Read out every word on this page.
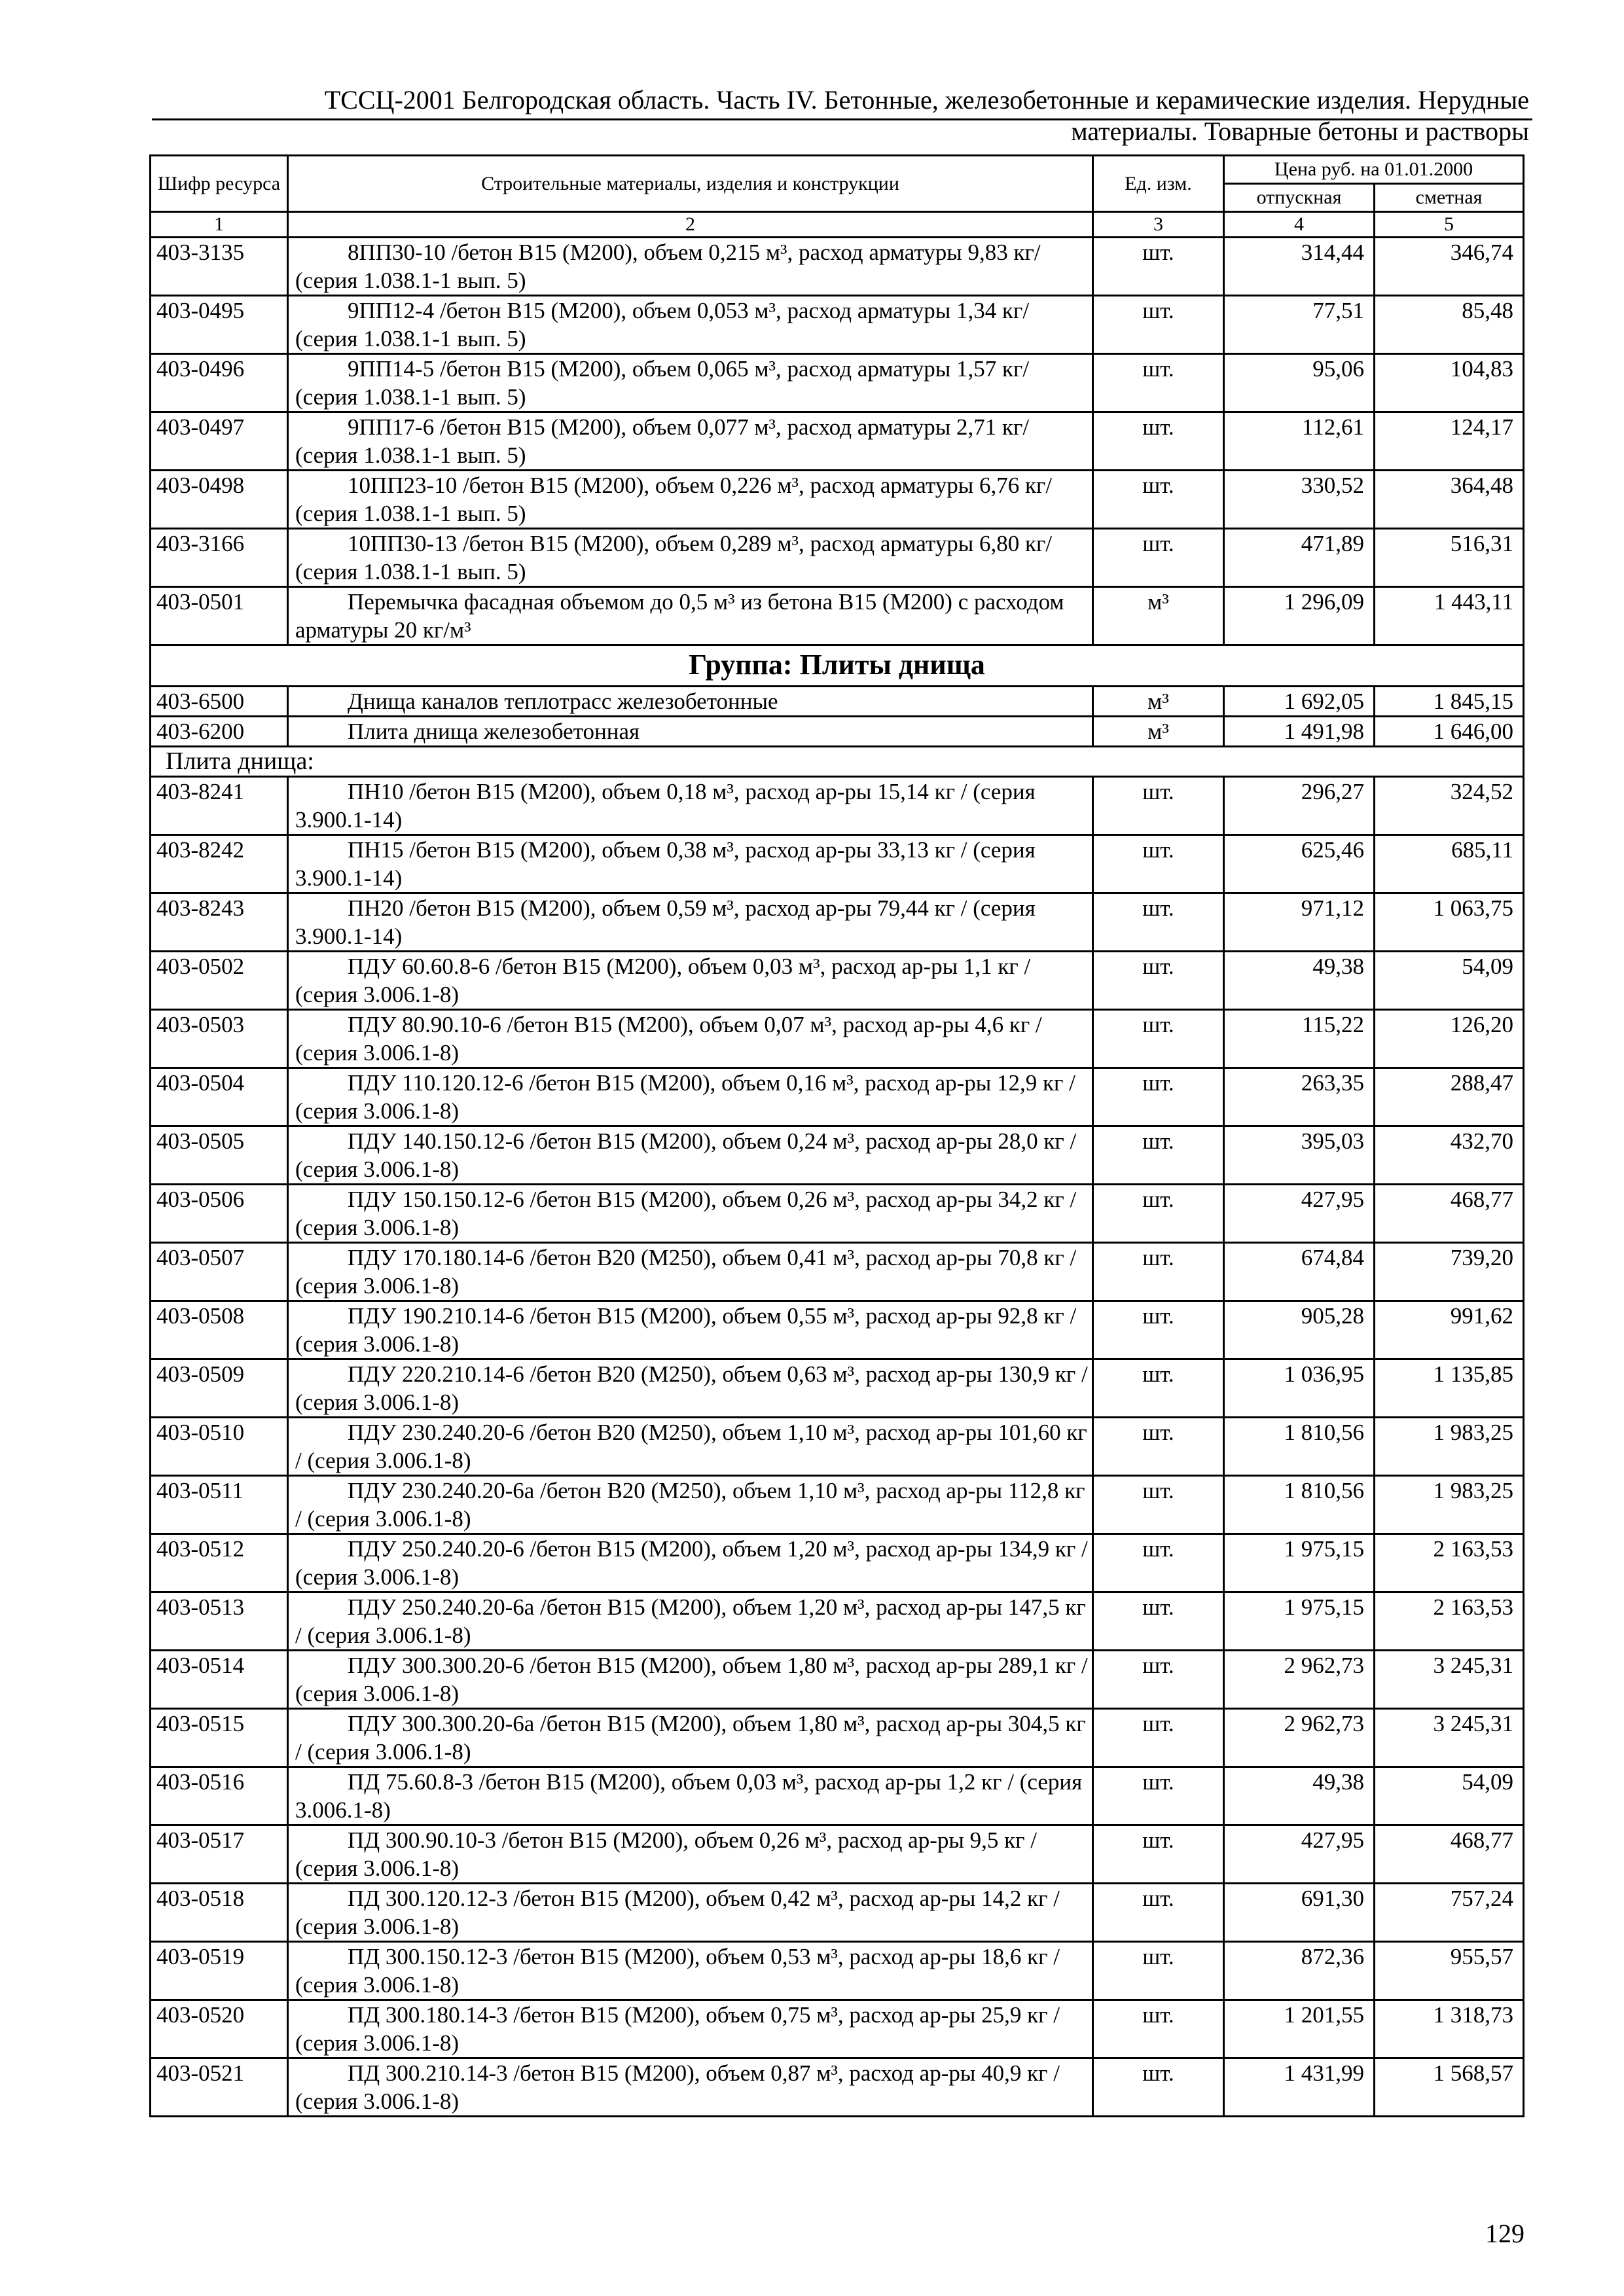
ТССЦ-2001 Белгородская область. Часть IV. Бетонные, железобетонные и керамические изделия. Нерудные
материалы. Товарные бетоны и растворы
Шифр ресурса	Строительные материалы, изделия и конструкции	Ед. изм.	Цена руб. на 01.01.2000	
			отпускная	сметная
1	2	3	4	5
403-3135	8ПП30-10 /бетон В15 (М200), объем 0,215 м³, расход арматуры 9,83 кг/ (серия 1.038.1-1 вып. 5)	шт.	314,44	346,74
403-0495	9ПП12-4 /бетон В15 (М200), объем 0,053 м³, расход арматуры 1,34 кг/ (серия 1.038.1-1 вып. 5)	шт.	77,51	85,48
403-0496	9ПП14-5 /бетон В15 (М200), объем 0,065 м³, расход арматуры 1,57 кг/ (серия 1.038.1-1 вып. 5)	шт.	95,06	104,83
403-0497	9ПП17-6 /бетон В15 (М200), объем 0,077 м³, расход арматуры 2,71 кг/ (серия 1.038.1-1 вып. 5)	шт.	112,61	124,17
403-0498	10ПП23-10 /бетон В15 (М200), объем 0,226 м³, расход арматуры 6,76 кг/ (серия 1.038.1-1 вып. 5)	шт.	330,52	364,48
403-3166	10ПП30-13 /бетон В15 (М200), объем 0,289 м³, расход арматуры 6,80 кг/ (серия 1.038.1-1 вып. 5)	шт.	471,89	516,31
403-0501	Перемычка фасадная объемом до 0,5 м³ из бетона В15 (М200) с расходом арматуры 20 кг/м³	м³	1 296,09	1 443,11
Группа: Плиты днища				
403-6500	Днища каналов теплотрасс железобетонные	м³	1 692,05	1 845,15
403-6200	Плита днища железобетонная	м³	1 491,98	1 646,00
Плита днища:				
403-8241	ПН10 /бетон В15 (М200), объем 0,18 м³, расход ар-ры 15,14 кг / (серия 3.900.1-14)	шт.	296,27	324,52
403-8242	ПН15 /бетон В15 (М200), объем 0,38 м³, расход ар-ры 33,13 кг / (серия 3.900.1-14)	шт.	625,46	685,11
403-8243	ПН20 /бетон В15 (М200), объем 0,59 м³, расход ар-ры 79,44 кг / (серия 3.900.1-14)	шт.	971,12	1 063,75
403-0502	ПДУ 60.60.8-6 /бетон В15 (М200), объем 0,03 м³, расход ар-ры 1,1 кг / (серия 3.006.1-8)	шт.	49,38	54,09
403-0503	ПДУ 80.90.10-6 /бетон В15 (М200), объем 0,07 м³, расход ар-ры 4,6 кг / (серия 3.006.1-8)	шт.	115,22	126,20
403-0504	ПДУ 110.120.12-6 /бетон В15 (М200), объем 0,16 м³, расход ар-ры 12,9 кг / (серия 3.006.1-8)	шт.	263,35	288,47
403-0505	ПДУ 140.150.12-6 /бетон В15 (М200), объем 0,24 м³, расход ар-ры 28,0 кг / (серия 3.006.1-8)	шт.	395,03	432,70
403-0506	ПДУ 150.150.12-6 /бетон В15 (М200), объем 0,26 м³, расход ар-ры 34,2 кг / (серия 3.006.1-8)	шт.	427,95	468,77
403-0507	ПДУ 170.180.14-6 /бетон В20 (М250), объем 0,41 м³, расход ар-ры 70,8 кг / (серия 3.006.1-8)	шт.	674,84	739,20
403-0508	ПДУ 190.210.14-6 /бетон В15 (М200), объем 0,55 м³, расход ар-ры 92,8 кг / (серия 3.006.1-8)	шт.	905,28	991,62
403-0509	ПДУ 220.210.14-6 /бетон В20 (М250), объем 0,63 м³, расход ар-ры 130,9 кг / (серия 3.006.1-8)	шт.	1 036,95	1 135,85
403-0510	ПДУ 230.240.20-6 /бетон В20 (М250), объем 1,10 м³, расход ар-ры 101,60 кг / (серия 3.006.1-8)	шт.	1 810,56	1 983,25
403-0511	ПДУ 230.240.20-6а /бетон В20 (М250), объем 1,10 м³, расход ар-ры 112,8 кг / (серия 3.006.1-8)	шт.	1 810,56	1 983,25
403-0512	ПДУ 250.240.20-6 /бетон В15 (М200), объем 1,20 м³, расход ар-ры 134,9 кг / (серия 3.006.1-8)	шт.	1 975,15	2 163,53
403-0513	ПДУ 250.240.20-6а /бетон В15 (М200), объем 1,20 м³, расход ар-ры 147,5 кг / (серия 3.006.1-8)	шт.	1 975,15	2 163,53
403-0514	ПДУ 300.300.20-6 /бетон В15 (М200), объем 1,80 м³, расход ар-ры 289,1 кг / (серия 3.006.1-8)	шт.	2 962,73	3 245,31
403-0515	ПДУ 300.300.20-6а /бетон В15 (М200), объем 1,80 м³, расход ар-ры 304,5 кг / (серия 3.006.1-8)	шт.	2 962,73	3 245,31
403-0516	ПД 75.60.8-3 /бетон В15 (М200), объем 0,03 м³, расход ар-ры 1,2 кг / (серия 3.006.1-8)	шт.	49,38	54,09
403-0517	ПД 300.90.10-3 /бетон В15 (М200), объем 0,26 м³, расход ар-ры 9,5 кг / (серия 3.006.1-8)	шт.	427,95	468,77
403-0518	ПД 300.120.12-3 /бетон В15 (М200), объем 0,42 м³, расход ар-ры 14,2 кг / (серия 3.006.1-8)	шт.	691,30	757,24
403-0519	ПД 300.150.12-3 /бетон В15 (М200), объем 0,53 м³, расход ар-ры 18,6 кг / (серия 3.006.1-8)	шт.	872,36	955,57
403-0520	ПД 300.180.14-3 /бетон В15 (М200), объем 0,75 м³, расход ар-ры 25,9 кг / (серия 3.006.1-8)	шт.	1 201,55	1 318,73
403-0521	ПД 300.210.14-3 /бетон В15 (М200), объем 0,87 м³, расход ар-ры 40,9 кг / (серия 3.006.1-8)	шт.	1 431,99	1 568,57
129
